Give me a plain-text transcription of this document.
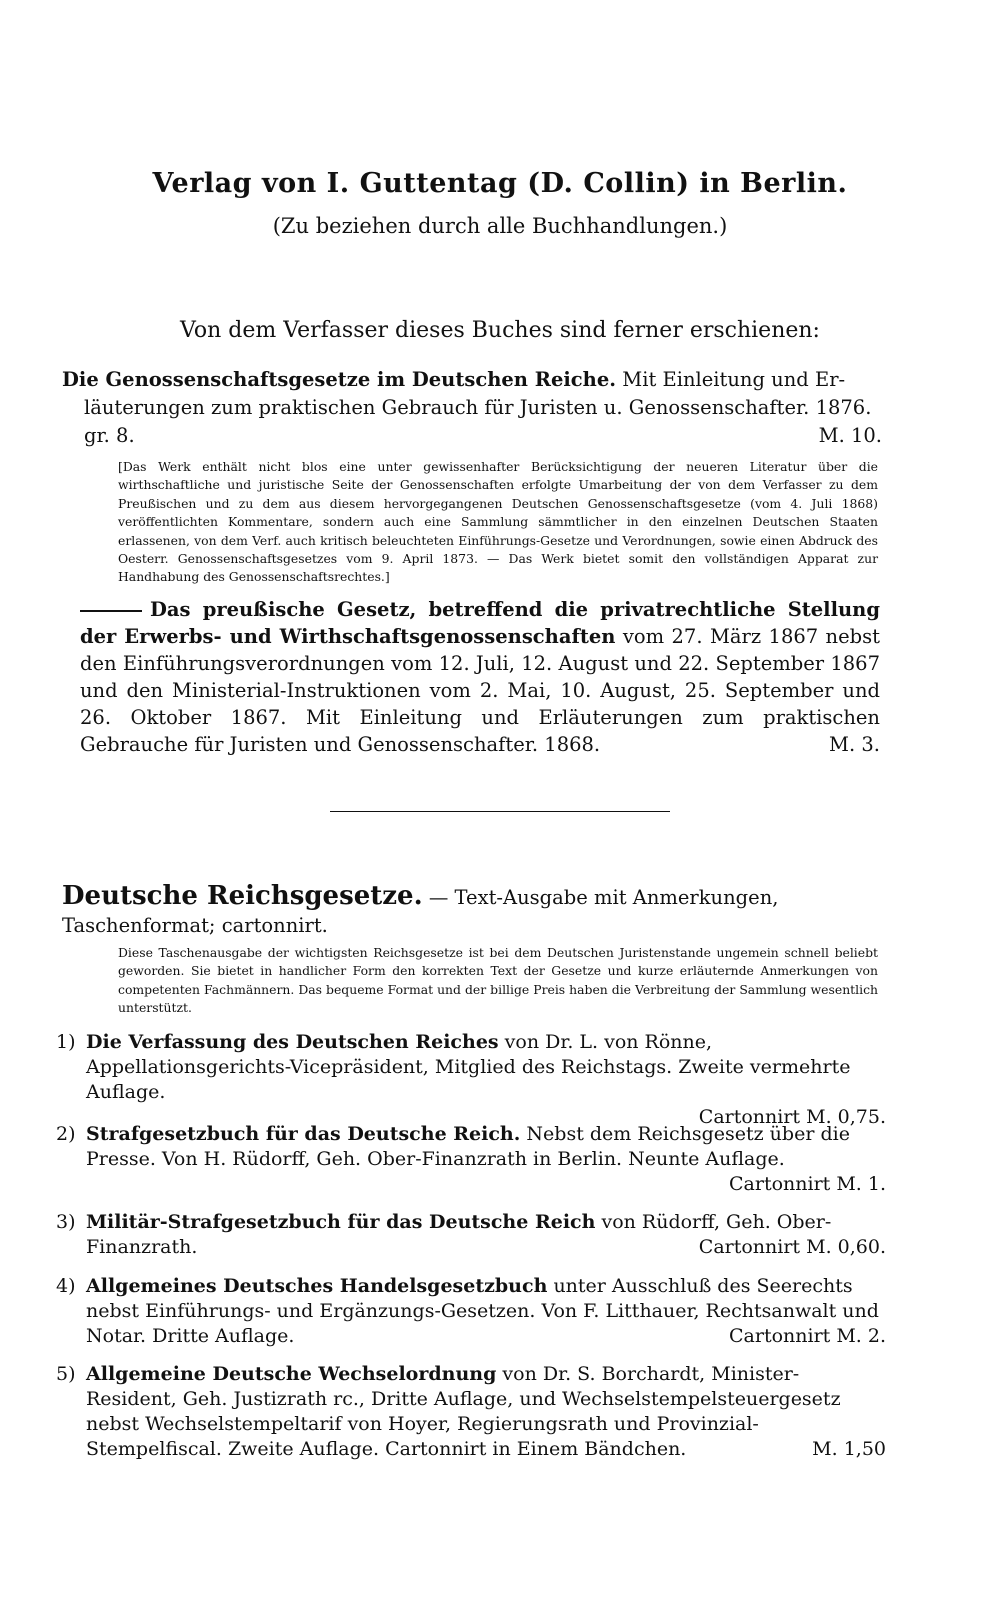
Verlag von I. Guttentag (D. Collin) in Berlin.
(Zu beziehen durch alle Buchhandlungen.)
Von dem Verfasser dieses Buches sind ferner erschienen:
Die Genossenschaftsgesetze im Deutschen Reiche. Mit Einleitung und Er-
läuterungen zum praktischen Gebrauch für Juristen u. Genossenschafter. 1876.
gr. 8.	M. 10.
[Das Werk enthält nicht blos eine unter gewissenhafter Berücksichtigung der neueren Literatur über die wirthschaftliche und juristische Seite der Genossenschaften erfolgte Umarbeitung der von dem Verfasser zu dem Preußischen und zu dem aus diesem hervorgegangenen Deutschen Genossenschaftsgesetze (vom 4. Juli 1868) veröffentlichten Kommentare, sondern auch eine Sammlung sämmtlicher in den einzelnen Deutschen Staaten erlassenen, von dem Verf. auch kritisch beleuchteten Einführungs-Gesetze und Verordnungen, sowie einen Abdruck des Oesterr. Genossenschaftsgesetzes vom 9. April 1873. — Das Werk bietet somit den vollständigen Apparat zur Handhabung des Genossenschaftsrechtes.]
Das preußische Gesetz, betreffend die privatrechtliche Stellung der Erwerbs- und Wirthschaftsgenossenschaften vom 27. März 1867 nebst den Einführungsverordnungen vom 12. Juli, 12. August und 22. September 1867 und den Ministerial-Instruktionen vom 2. Mai, 10. August, 25. September und 26. Oktober 1867. Mit Einleitung und Erläuterungen zum praktischen Gebrauche für Juristen und Genossenschafter. 1868.	M. 3.
Deutsche Reichsgesetze. — Text-Ausgabe mit Anmerkungen, Taschenformat; cartonnirt.
Diese Taschenausgabe der wichtigsten Reichsgesetze ist bei dem Deutschen Juristenstande ungemein schnell beliebt geworden. Sie bietet in handlicher Form den korrekten Text der Gesetze und kurze erläuternde Anmerkungen von competenten Fachmännern. Das bequeme Format und der billige Preis haben die Verbreitung der Sammlung wesentlich unterstützt.
1) Die Verfassung des Deutschen Reiches von Dr. L. von Rönne, Appellationsgerichts-Vicepräsident, Mitglied des Reichstags. Zweite vermehrte Auflage.
Cartonnirt M. 0,75.
2) Strafgesetzbuch für das Deutsche Reich. Nebst dem Reichsgesetz über die Presse. Von H. Rüdorff, Geh. Ober-Finanzrath in Berlin. Neunte Auflage.
Cartonnirt M. 1.
3) Militär-Strafgesetzbuch für das Deutsche Reich von Rüdorff, Geh. Ober-Finanzrath.	Cartonnirt M. 0,60.
4) Allgemeines Deutsches Handelsgesetzbuch unter Ausschluß des Seerechts nebst Einführungs- und Ergänzungs-Gesetzen. Von F. Litthauer, Rechtsanwalt und Notar. Dritte Auflage.	Cartonnirt M. 2.
5) Allgemeine Deutsche Wechselordnung von Dr. S. Borchardt, Minister-Resident, Geh. Justizrath rc., Dritte Auflage, und Wechselstempelsteuergesetz nebst Wechselstempeltarif von Hoyer, Regierungsrath und Provinzial-Stempelfiscal. Zweite Auflage. Cartonnirt in Einem Bändchen.	M. 1,50
